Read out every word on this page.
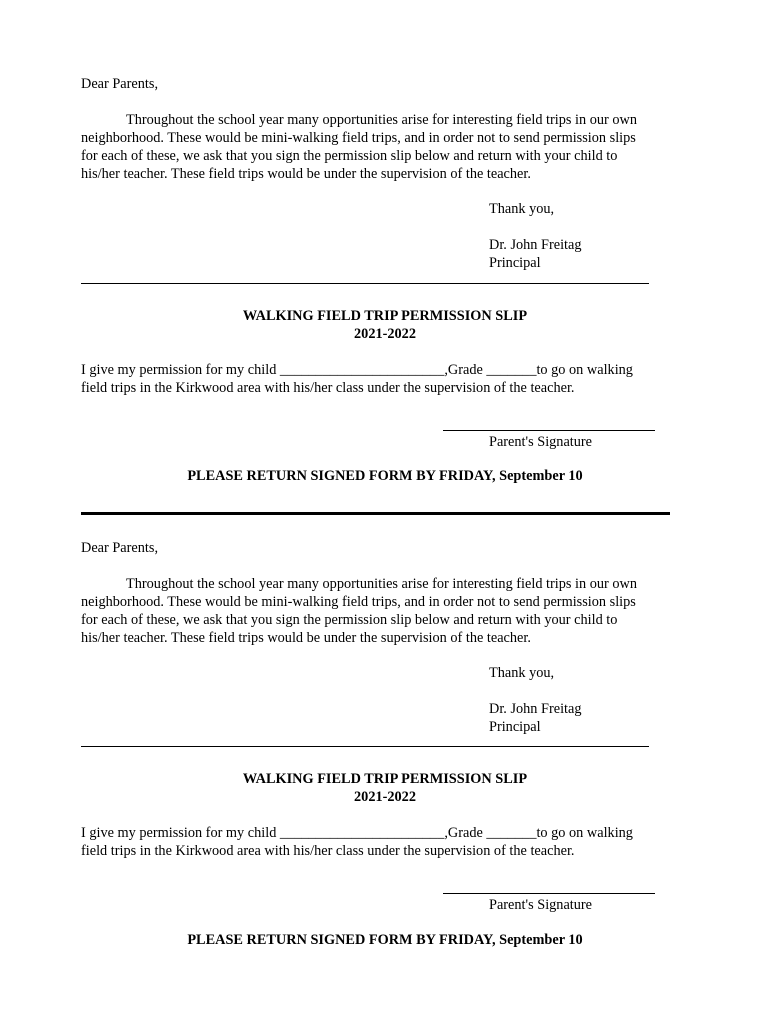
Dear Parents,
Throughout the school year many opportunities arise for interesting field trips in our own
neighborhood. These would be mini-walking field trips, and in order not to send permission slips
for each of these, we ask that you sign the permission slip below and return with your child to
his/her teacher. These field trips would be under the supervision of the teacher.
Thank you,
Dr. John Freitag
Principal
WALKING FIELD TRIP PERMISSION SLIP
2021-2022
I give my permission for my child _______________________,Grade _______to go on walking
field trips in the Kirkwood area with his/her class under the supervision of the teacher.
Parent's Signature
PLEASE RETURN SIGNED FORM BY FRIDAY, September 10
Dear Parents,
Throughout the school year many opportunities arise for interesting field trips in our own
neighborhood. These would be mini-walking field trips, and in order not to send permission slips
for each of these, we ask that you sign the permission slip below and return with your child to
his/her teacher. These field trips would be under the supervision of the teacher.
Thank you,
Dr. John Freitag
Principal
WALKING FIELD TRIP PERMISSION SLIP
2021-2022
I give my permission for my child _______________________,Grade _______to go on walking
field trips in the Kirkwood area with his/her class under the supervision of the teacher.
Parent's Signature
PLEASE RETURN SIGNED FORM BY FRIDAY, September 10
